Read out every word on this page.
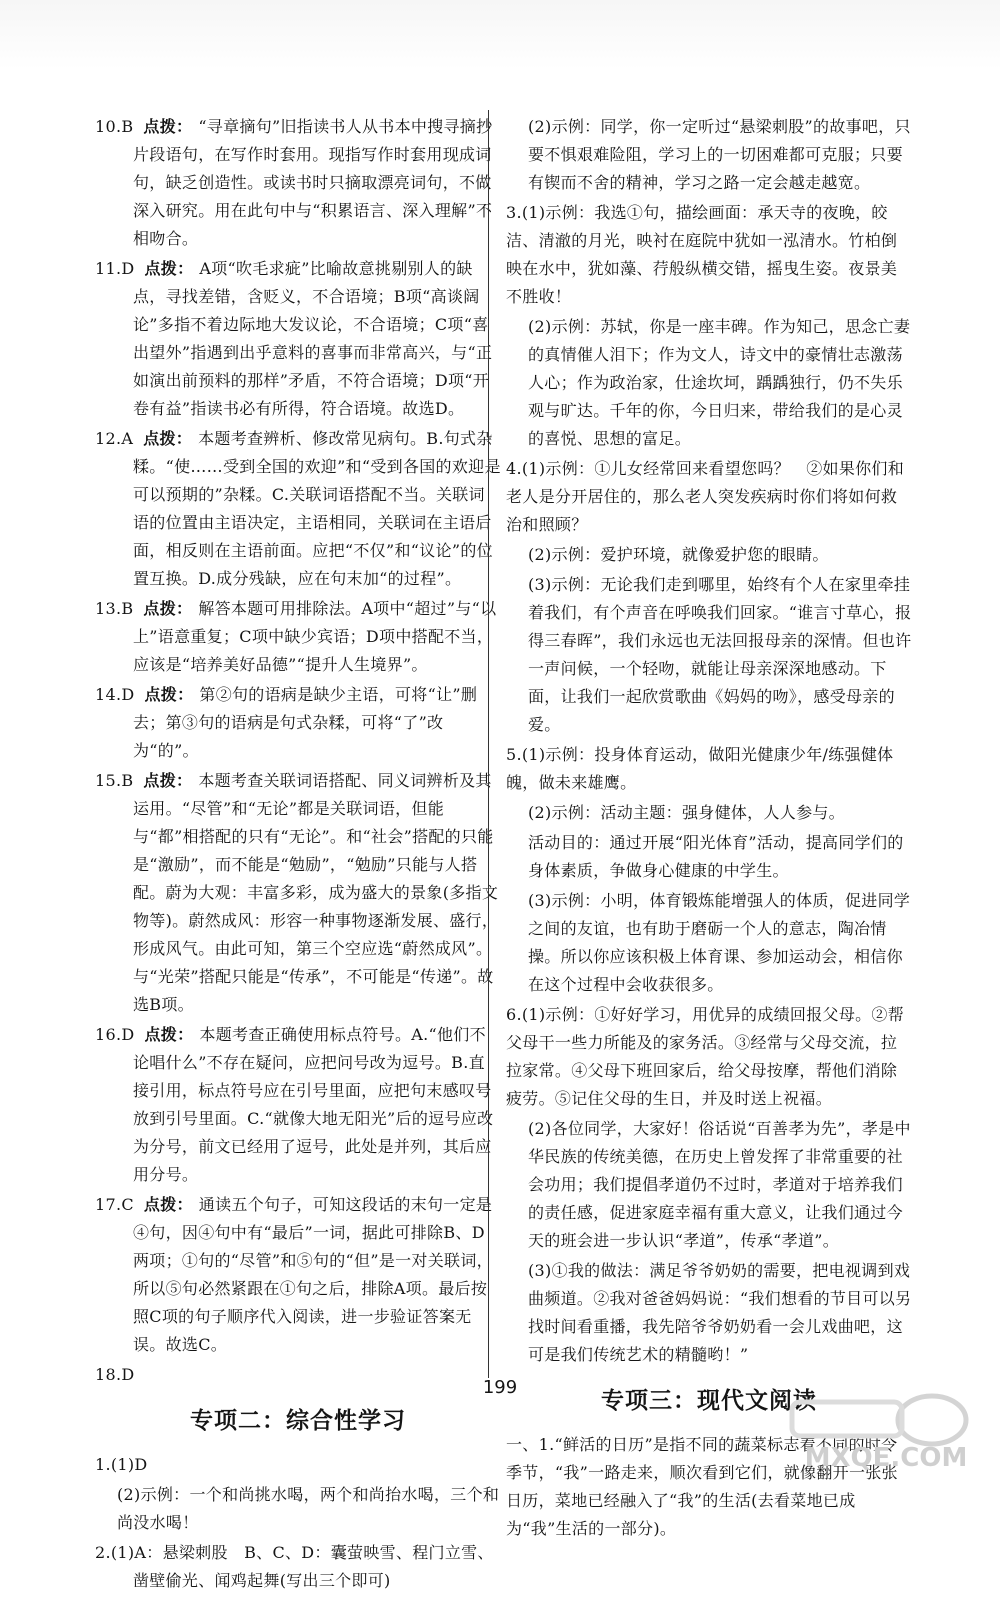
10.B 点拨： “寻章摘句”旧指读书人从书本中搜寻摘抄片段语句，在写作时套用。现指写作时套用现成词句，缺乏创造性。或读书时只摘取漂亮词句，不做深入研究。用在此句中与“积累语言、深入理解”不相吻合。
11.D 点拨： A项“吹毛求疵”比喻故意挑剔别人的缺点，寻找差错，含贬义，不合语境；B项“高谈阔论”多指不着边际地大发议论，不合语境；C项“喜出望外”指遇到出乎意料的喜事而非常高兴，与“正如演出前预料的那样”矛盾，不符合语境；D项“开卷有益”指读书必有所得，符合语境。故选D。
12.A 点拨： 本题考查辨析、修改常见病句。B.句式杂糅。“使……受到全国的欢迎”和“受到各国的欢迎是可以预期的”杂糅。C.关联词语搭配不当。关联词语的位置由主语决定，主语相同，关联词在主语后面，相反则在主语前面。应把“不仅”和“议论”的位置互换。D.成分残缺，应在句末加“的过程”。
13.B 点拨： 解答本题可用排除法。A项中“超过”与“以上”语意重复；C项中缺少宾语；D项中搭配不当，应该是“培养美好品德”“提升人生境界”。
14.D 点拨： 第②句的语病是缺少主语，可将“让”删去；第③句的语病是句式杂糅，可将“了”改为“的”。
15.B 点拨： 本题考查关联词语搭配、同义词辨析及其运用。“尽管”和“无论”都是关联词语，但能与“都”相搭配的只有“无论”。和“社会”搭配的只能是“激励”，而不能是“勉励”，“勉励”只能与人搭配。蔚为大观：丰富多彩，成为盛大的景象(多指文物等)。蔚然成风：形容一种事物逐渐发展、盛行，形成风气。由此可知，第三个空应选“蔚然成风”。与“光荣”搭配只能是“传承”，不可能是“传递”。故选B项。
16.D 点拨： 本题考查正确使用标点符号。A.“他们不论唱什么”不存在疑问，应把问号改为逗号。B.直接引用，标点符号应在引号里面，应把句末感叹号放到引号里面。C.“就像大地无阳光”后的逗号应改为分号，前文已经用了逗号，此处是并列，其后应用分号。
17.C 点拨： 通读五个句子，可知这段话的末句一定是④句，因④句中有“最后”一词，据此可排除B、D两项；①句的“尽管”和⑤句的“但”是一对关联词，所以⑤句必然紧跟在①句之后，排除A项。最后按照C项的句子顺序代入阅读，进一步验证答案无误。故选C。
18.D
专项二：综合性学习
1.(1)D
(2)示例：一个和尚挑水喝，两个和尚抬水喝，三个和尚没水喝！
2.(1)A：悬梁刺股　B、C、D：囊萤映雪、程门立雪、凿壁偷光、闻鸡起舞(写出三个即可)
(2)示例：同学，你一定听过“悬梁刺股”的故事吧，只要不惧艰难险阻，学习上的一切困难都可克服；只要有锲而不舍的精神，学习之路一定会越走越宽。
3.(1)示例：我选①句，描绘画面：承天寺的夜晚，皎洁、清澈的月光，映衬在庭院中犹如一泓清水。竹柏倒映在水中，犹如藻、荇般纵横交错，摇曳生姿。夜景美不胜收！
(2)示例：苏轼，你是一座丰碑。作为知己，思念亡妻的真情催人泪下；作为文人，诗文中的豪情壮志激荡人心；作为政治家，仕途坎坷，踽踽独行，仍不失乐观与旷达。千年的你，今日归来，带给我们的是心灵的喜悦、思想的富足。
4.(1)示例：①儿女经常回来看望您吗？　②如果你们和老人是分开居住的，那么老人突发疾病时你们将如何救治和照顾？
(2)示例：爱护环境，就像爱护您的眼睛。
(3)示例：无论我们走到哪里，始终有个人在家里牵挂着我们，有个声音在呼唤我们回家。“谁言寸草心，报得三春晖”，我们永远也无法回报母亲的深情。但也许一声问候，一个轻吻，就能让母亲深深地感动。下面，让我们一起欣赏歌曲《妈妈的吻》，感受母亲的爱。
5.(1)示例：投身体育运动，做阳光健康少年/练强健体魄，做未来雄鹰。
(2)示例：活动主题：强身健体，人人参与。
活动目的：通过开展“阳光体育”活动，提高同学们的身体素质，争做身心健康的中学生。
(3)示例：小明，体育锻炼能增强人的体质，促进同学之间的友谊，也有助于磨砺一个人的意志，陶冶情操。所以你应该积极上体育课、参加运动会，相信你在这个过程中会收获很多。
6.(1)示例：①好好学习，用优异的成绩回报父母。②帮父母干一些力所能及的家务活。③经常与父母交流，拉拉家常。④父母下班回家后，给父母按摩，帮他们消除疲劳。⑤记住父母的生日，并及时送上祝福。
(2)各位同学，大家好！俗话说“百善孝为先”，孝是中华民族的传统美德，在历史上曾发挥了非常重要的社会功用；我们提倡孝道仍不过时，孝道对于培养我们的责任感，促进家庭幸福有重大意义，让我们通过今天的班会进一步认识“孝道”，传承“孝道”。
(3)①我的做法：满足爷爷奶奶的需要，把电视调到戏曲频道。②我对爸爸妈妈说：“我们想看的节目可以另找时间看重播，我先陪爷爷奶奶看一会儿戏曲吧，这可是我们传统艺术的精髓哟！”
专项三：现代文阅读
一、1.“鲜活的日历”是指不同的蔬菜标志着不同的时令季节，“我”一路走来，顺次看到它们，就像翻开一张张日历，菜地已经融入了“我”的生活(去看菜地已成为“我”生活的一部分)。
199
MXQE.COM
